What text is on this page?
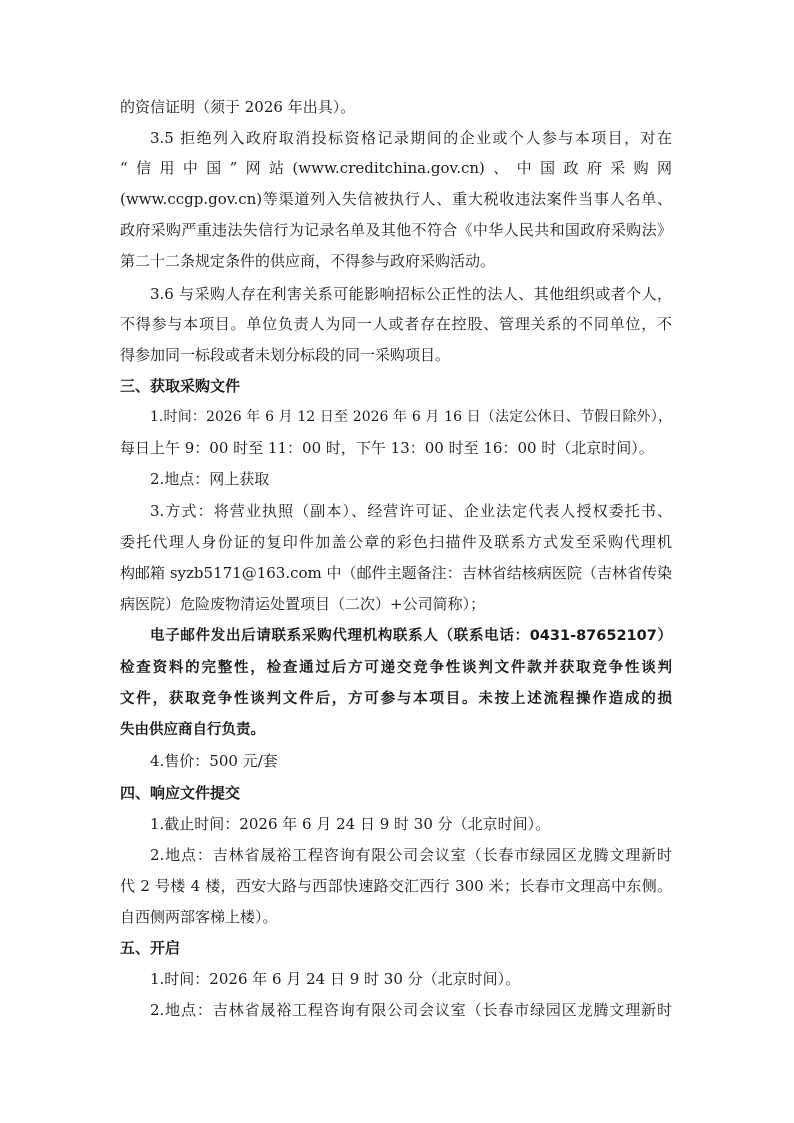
的资信证明（须于 2026 年出具）。
3.5 拒绝列入政府取消投标资格记录期间的企业或个人参与本项目，对在
“信用中国”网站(www.creditchina.gov.cn)、中国政府采购网
(www.ccgp.gov.cn)等渠道列入失信被执行人、重大税收违法案件当事人名单、
政府采购严重违法失信行为记录名单及其他不符合《中华人民共和国政府采购法》
第二十二条规定条件的供应商，不得参与政府采购活动。
3.6 与采购人存在利害关系可能影响招标公正性的法人、其他组织或者个人，
不得参与本项目。单位负责人为同一人或者存在控股、管理关系的不同单位，不
得参加同一标段或者未划分标段的同一采购项目。
三、获取采购文件
1.时间：2026 年 6 月 12 日至 2026 年 6 月 16 日（法定公休日、节假日除外），
每日上午 9：00 时至 11：00 时，下午 13：00 时至 16：00 时（北京时间）。
2.地点：网上获取
3.方式：将营业执照（副本）、经营许可证、企业法定代表人授权委托书、
委托代理人身份证的复印件加盖公章的彩色扫描件及联系方式发至采购代理机
构邮箱 syzb5171@163.com 中（邮件主题备注：吉林省结核病医院（吉林省传染
病医院）危险废物清运处置项目（二次）+公司简称）；
电子邮件发出后请联系采购代理机构联系人（联系电话：0431-87652107）
检查资料的完整性，检查通过后方可递交竞争性谈判文件款并获取竞争性谈判
文件，获取竞争性谈判文件后，方可参与本项目。未按上述流程操作造成的损
失由供应商自行负责。
4.售价：500 元/套
四、响应文件提交
1.截止时间：2026 年 6 月 24 日 9 时 30 分（北京时间）。
2.地点：吉林省晟裕工程咨询有限公司会议室（长春市绿园区龙腾文理新时
代 2 号楼 4 楼，西安大路与西部快速路交汇西行 300 米；长春市文理高中东侧。
自西侧两部客梯上楼）。
五、开启
1.时间：2026 年 6 月 24 日 9 时 30 分（北京时间）。
2.地点：吉林省晟裕工程咨询有限公司会议室（长春市绿园区龙腾文理新时
